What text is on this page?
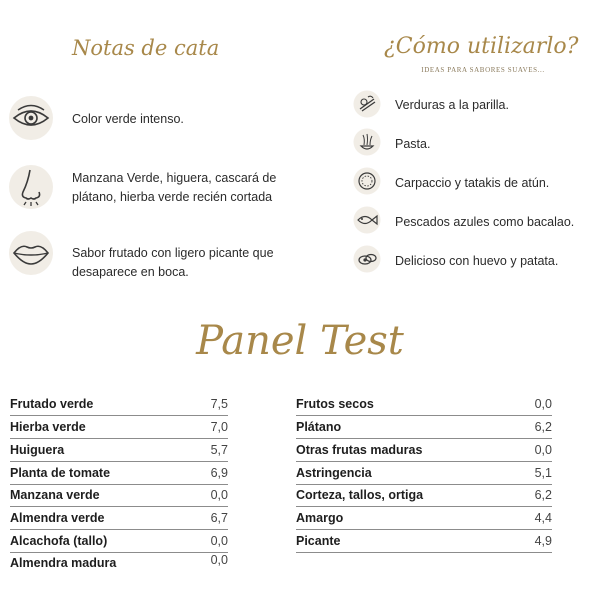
Notas de cata	¿Cómo utilizarlo?
IDEAS PARA SABORES SUAVES...
Color verde intenso.
Manzana Verde, higuera, cascará de plátano, hierba verde recién cortada
Sabor frutado con ligero picante que desaparece en boca.
Verduras a la parilla.
Pasta.
Carpaccio y tatakis de atún.
Pescados azules como bacalao.
Delicioso con huevo y patata.
Panel Test
Frutado verde	7,5
Hierba verde	7,0
Huiguera	5,7
Planta de tomate	6,9
Manzana verde	0,0
Almendra verde	6,7
Alcachofa (tallo)	0,0
Almendra madura	0,0
Frutos secos	0,0
Plátano	6,2
Otras frutas maduras	0,0
Astringencia	5,1
Corteza, tallos, ortiga	6,2
Amargo	4,4
Picante	4,9
